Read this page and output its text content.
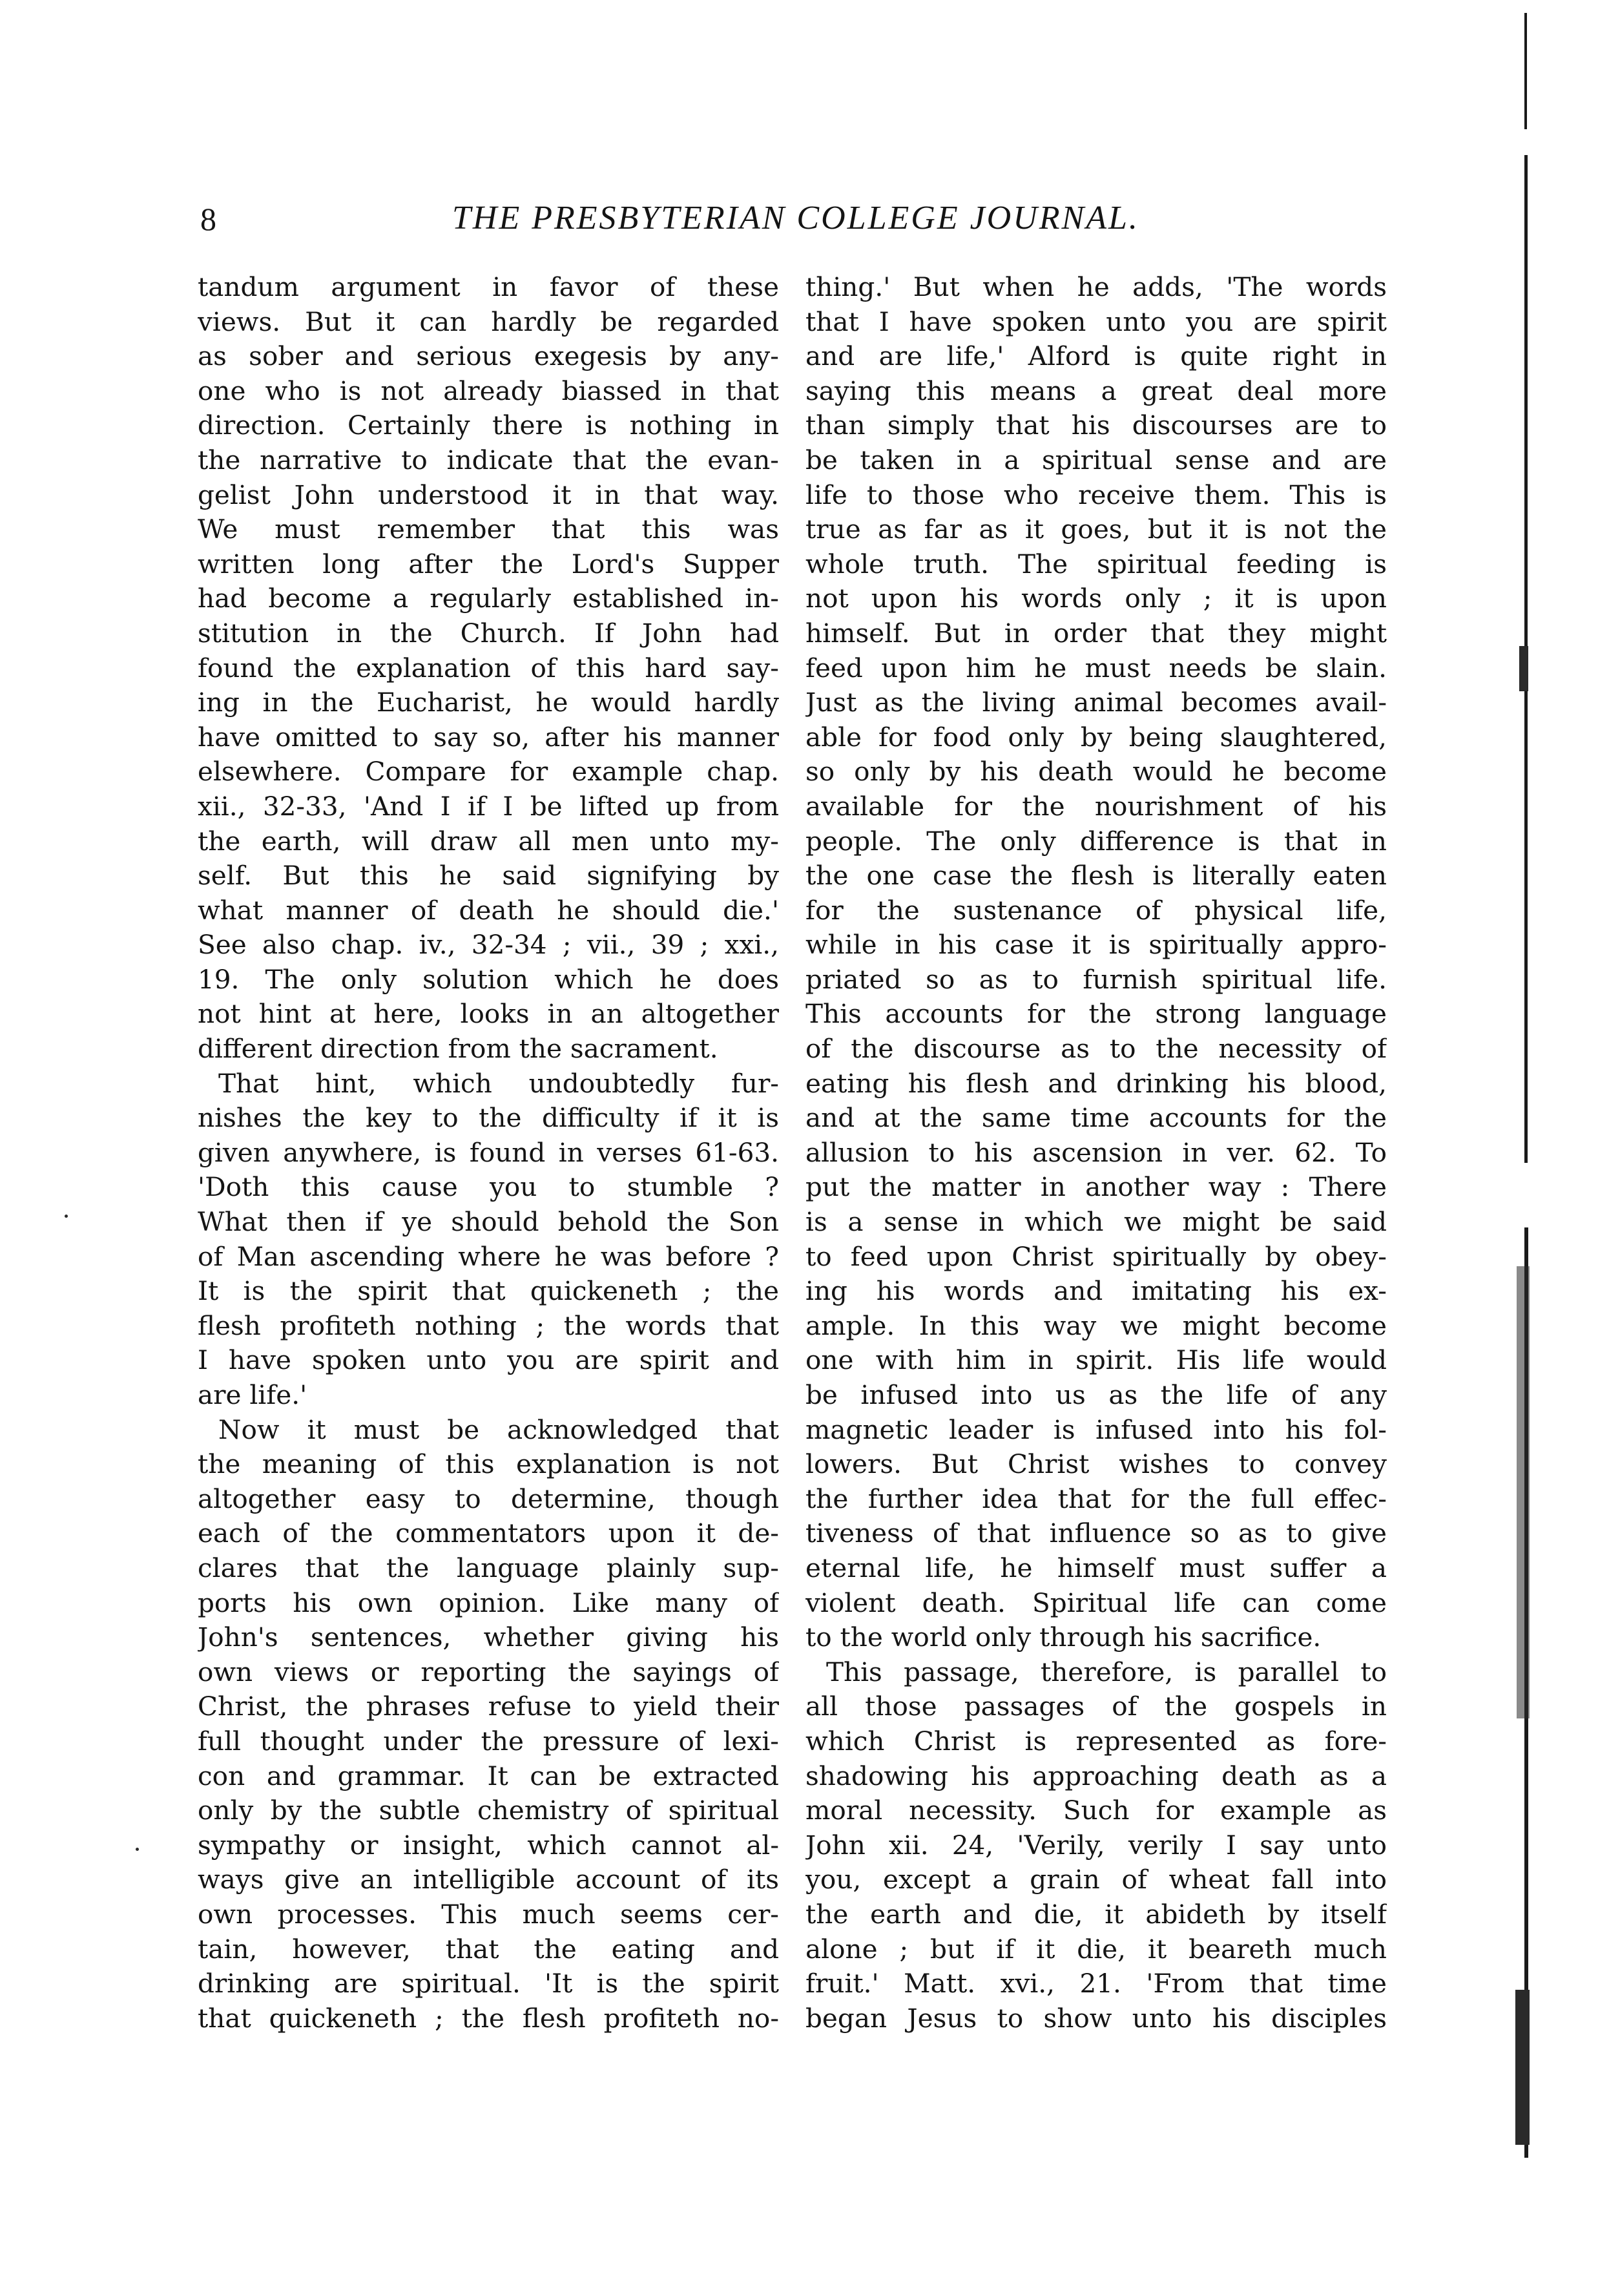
8	THE PRESBYTERIAN COLLEGE JOURNAL.
tandum argument in favor of these
views. But it can hardly be regarded
as sober and serious exegesis by any-
one who is not already biassed in that
direction. Certainly there is nothing in
the narrative to indicate that the evan-
gelist John understood it in that way.
We must remember that this was
written long after the Lord's Supper
had become a regularly established in-
stitution in the Church. If John had
found the explanation of this hard say-
ing in the Eucharist, he would hardly
have omitted to say so, after his manner
elsewhere. Compare for example chap.
xii., 32-33, 'And I if I be lifted up from
the earth, will draw all men unto my-
self. But this he said signifying by
what manner of death he should die.'
See also chap. iv., 32-34 ; vii., 39 ; xxi.,
19. The only solution which he does
not hint at here, looks in an altogether
different direction from the sacrament.
That hint, which undoubtedly fur-
nishes the key to the difficulty if it is
given anywhere, is found in verses 61-63.
'Doth this cause you to stumble ?
What then if ye should behold the Son
of Man ascending where he was before ?
It is the spirit that quickeneth ; the
flesh profiteth nothing ; the words that
I have spoken unto you are spirit and
are life.'
Now it must be acknowledged that
the meaning of this explanation is not
altogether easy to determine, though
each of the commentators upon it de-
clares that the language plainly sup-
ports his own opinion. Like many of
John's sentences, whether giving his
own views or reporting the sayings of
Christ, the phrases refuse to yield their
full thought under the pressure of lexi-
con and grammar. It can be extracted
only by the subtle chemistry of spiritual
sympathy or insight, which cannot al-
ways give an intelligible account of its
own processes. This much seems cer-
tain, however, that the eating and
drinking are spiritual. 'It is the spirit
that quickeneth ; the flesh profiteth no-
thing.' But when he adds, 'The words
that I have spoken unto you are spirit
and are life,' Alford is quite right in
saying this means a great deal more
than simply that his discourses are to
be taken in a spiritual sense and are
life to those who receive them. This is
true as far as it goes, but it is not the
whole truth. The spiritual feeding is
not upon his words only ; it is upon
himself. But in order that they might
feed upon him he must needs be slain.
Just as the living animal becomes avail-
able for food only by being slaughtered,
so only by his death would he become
available for the nourishment of his
people. The only difference is that in
the one case the flesh is literally eaten
for the sustenance of physical life,
while in his case it is spiritually appro-
priated so as to furnish spiritual life.
This accounts for the strong language
of the discourse as to the necessity of
eating his flesh and drinking his blood,
and at the same time accounts for the
allusion to his ascension in ver. 62. To
put the matter in another way : There
is a sense in which we might be said
to feed upon Christ spiritually by obey-
ing his words and imitating his ex-
ample. In this way we might become
one with him in spirit. His life would
be infused into us as the life of any
magnetic leader is infused into his fol-
lowers. But Christ wishes to convey
the further idea that for the full effec-
tiveness of that influence so as to give
eternal life, he himself must suffer a
violent death. Spiritual life can come
to the world only through his sacrifice.
This passage, therefore, is parallel to
all those passages of the gospels in
which Christ is represented as fore-
shadowing his approaching death as a
moral necessity. Such for example as
John xii. 24, 'Verily, verily I say unto
you, except a grain of wheat fall into
the earth and die, it abideth by itself
alone ; but if it die, it beareth much
fruit.' Matt. xvi., 21. 'From that time
began Jesus to show unto his disciples
